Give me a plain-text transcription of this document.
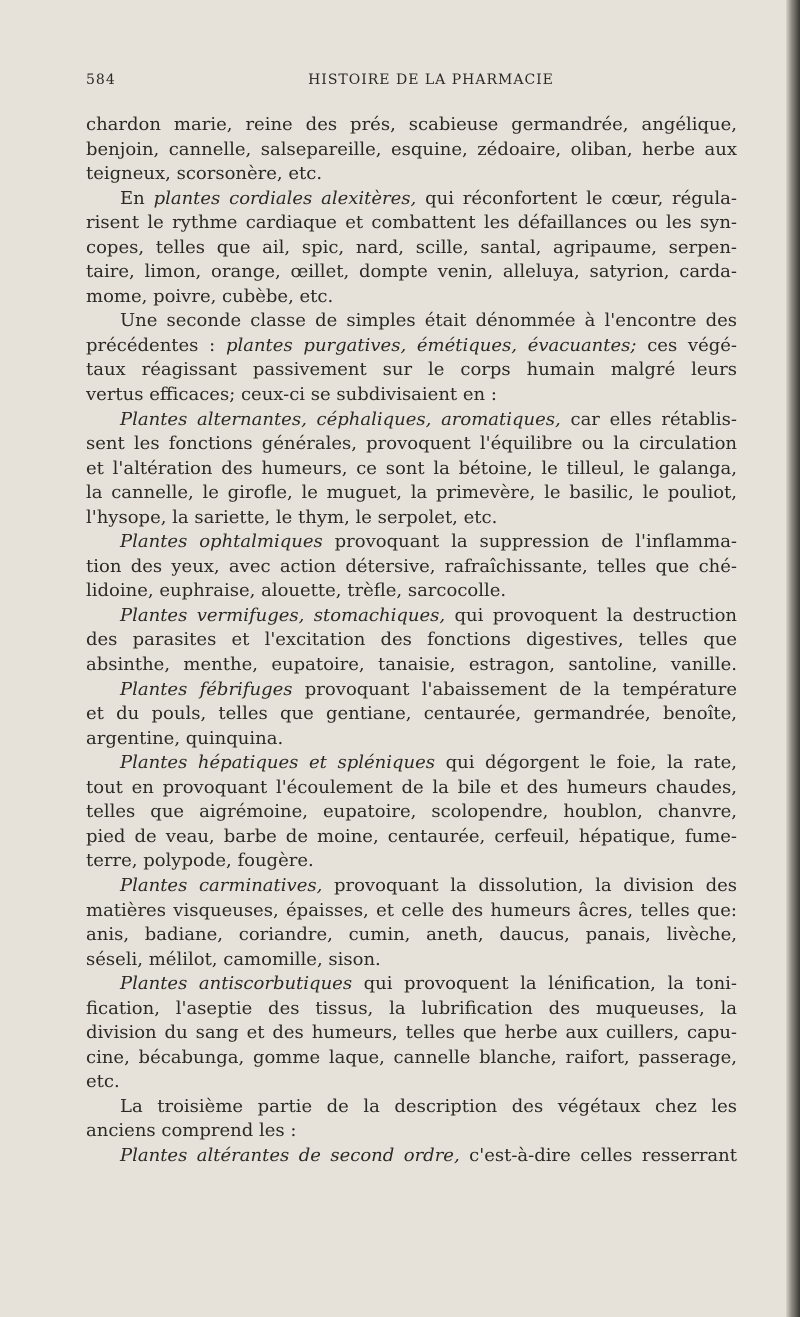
584	HISTOIRE DE LA PHARMACIE
chardon marie, reine des prés, scabieuse germandrée, angélique,
benjoin, cannelle, salsepareille, esquine, zédoaire, oliban, herbe aux
teigneux, scorsonère, etc.
En plantes cordiales alexitères, qui réconfortent le cœur, régula-
risent le rythme cardiaque et combattent les défaillances ou les syn-
copes, telles que ail, spic, nard, scille, santal, agripaume, serpen-
taire, limon, orange, œillet, dompte venin, alleluya, satyrion, carda-
mome, poivre, cubèbe, etc.
Une seconde classe de simples était dénommée à l'encontre des
précédentes : plantes purgatives, émétiques, évacuantes; ces végé-
taux réagissant passivement sur le corps humain malgré leurs
vertus efficaces; ceux-ci se subdivisaient en :
Plantes alternantes, céphaliques, aromatiques, car elles rétablis-
sent les fonctions générales, provoquent l'équilibre ou la circulation
et l'altération des humeurs, ce sont la bétoine, le tilleul, le galanga,
la cannelle, le girofle, le muguet, la primevère, le basilic, le pouliot,
l'hysope, la sariette, le thym, le serpolet, etc.
Plantes ophtalmiques provoquant la suppression de l'inflamma-
tion des yeux, avec action détersive, rafraîchissante, telles que ché-
lidoine, euphraise, alouette, trèfle, sarcocolle.
Plantes vermifuges, stomachiques, qui provoquent la destruction
des parasites et l'excitation des fonctions digestives, telles que
absinthe, menthe, eupatoire, tanaisie, estragon, santoline, vanille.
Plantes fébrifuges provoquant l'abaissement de la température
et du pouls, telles que gentiane, centaurée, germandrée, benoîte,
argentine, quinquina.
Plantes hépatiques et spléniques qui dégorgent le foie, la rate,
tout en provoquant l'écoulement de la bile et des humeurs chaudes,
telles que aigrémoine, eupatoire, scolopendre, houblon, chanvre,
pied de veau, barbe de moine, centaurée, cerfeuil, hépatique, fume-
terre, polypode, fougère.
Plantes carminatives, provoquant la dissolution, la division des
matières visqueuses, épaisses, et celle des humeurs âcres, telles que:
anis, badiane, coriandre, cumin, aneth, daucus, panais, livèche,
séseli, mélilot, camomille, sison.
Plantes antiscorbutiques qui provoquent la lénification, la toni-
fication, l'aseptie des tissus, la lubrification des muqueuses, la
division du sang et des humeurs, telles que herbe aux cuillers, capu-
cine, bécabunga, gomme laque, cannelle blanche, raifort, passerage,
etc.
La troisième partie de la description des végétaux chez les
anciens comprend les :
Plantes altérantes de second ordre, c'est-à-dire celles resserrant
